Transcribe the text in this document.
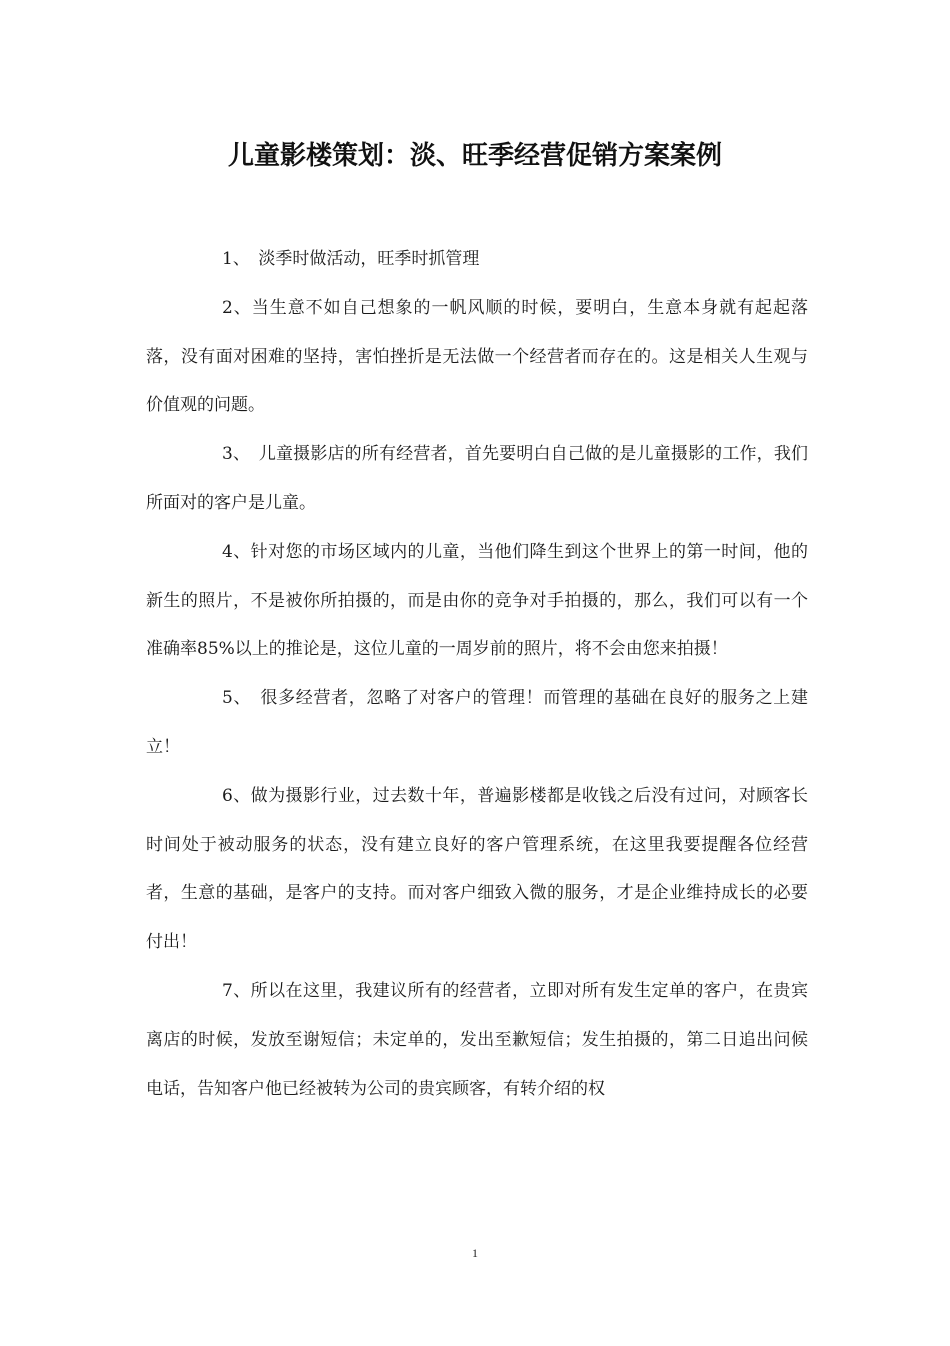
儿童影楼策划：淡、旺季经营促销方案案例

1、　淡季时做活动，旺季时抓管理

2、当生意不如自己想象的一帆风顺的时候，要明白，生意本身就有起起落落，没有面对困难的坚持，害怕挫折是无法做一个经营者而存在的。这是相关人生观与价值观的问题。

3、　儿童摄影店的所有经营者，首先要明白自己做的是儿童摄影的工作，我们所面对的客户是儿童。

4、针对您的市场区域内的儿童，当他们降生到这个世界上的第一时间，他的新生的照片，不是被你所拍摄的，而是由你的竞争对手拍摄的，那么，我们可以有一个准确率85%以上的推论是，这位儿童的一周岁前的照片，将不会由您来拍摄！

5、　很多经营者，忽略了对客户的管理！而管理的基础在良好的服务之上建立！

6、做为摄影行业，过去数十年，普遍影楼都是收钱之后没有过问，对顾客长时间处于被动服务的状态，没有建立良好的客户管理系统，在这里我要提醒各位经营者，生意的基础，是客户的支持。而对客户细致入微的服务，才是企业维持成长的必要付出！

7、所以在这里，我建议所有的经营者，立即对所有发生定单的客户，在贵宾离店的时候，发放至谢短信；未定单的，发出至歉短信；发生拍摄的，第二日追出问候电话，告知客户他已经被转为公司的贵宾顾客，有转介绍的权

1
